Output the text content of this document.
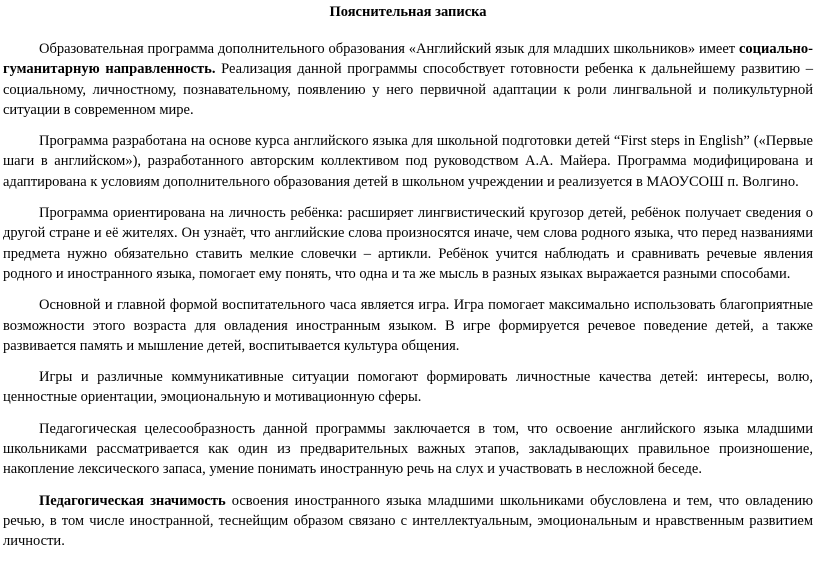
Пояснительная записка

Образовательная программа дополнительного образования «Английский язык для младших школьников» имеет социально-гуманитарную направленность. Реализация данной программы способствует готовности ребенка к дальнейшему развитию – социальному, личностному, познавательному, появлению у него первичной адаптации к роли лингвальной и поликультурной ситуации в современном мире.

Программа разработана на основе курса английского языка для школьной подготовки детей “First steps in English” («Первые шаги в английском»), разработанного авторским коллективом под руководством А.А. Майера. Программа модифицирована и адаптирована к условиям дополнительного образования детей в школьном учреждении и реализуется в МАОУСОШ п. Волгино.

Программа ориентирована на личность ребёнка: расширяет лингвистический кругозор детей, ребёнок получает сведения о другой стране и её жителях. Он узнаёт, что английские слова произносятся иначе, чем слова родного языка, что перед названиями предмета нужно обязательно ставить мелкие словечки – артикли. Ребёнок учится наблюдать и сравнивать речевые явления родного и иностранного языка, помогает ему понять, что одна и та же мысль в разных языках выражается разными способами.

Основной и главной формой воспитательного часа является игра. Игра помогает максимально использовать благоприятные возможности этого возраста для овладения иностранным языком. В игре формируется речевое поведение детей, а также развивается память и мышление детей, воспитывается культура общения.

Игры и различные коммуникативные ситуации помогают формировать личностные качества детей: интересы, волю, ценностные ориентации, эмоциональную и мотивационную сферы.

Педагогическая целесообразность данной программы заключается в том, что освоение английского языка младшими школьниками рассматривается как один из предварительных важных этапов, закладывающих правильное произношение, накопление лексического запаса, умение понимать иностранную речь на слух и участвовать в несложной беседе.

Педагогическая значимость освоения иностранного языка младшими школьниками обусловлена и тем, что овладению речью, в том числе иностранной, теснейщим образом связано с интеллектуальным, эмоциональным и нравственным развитием личности.
